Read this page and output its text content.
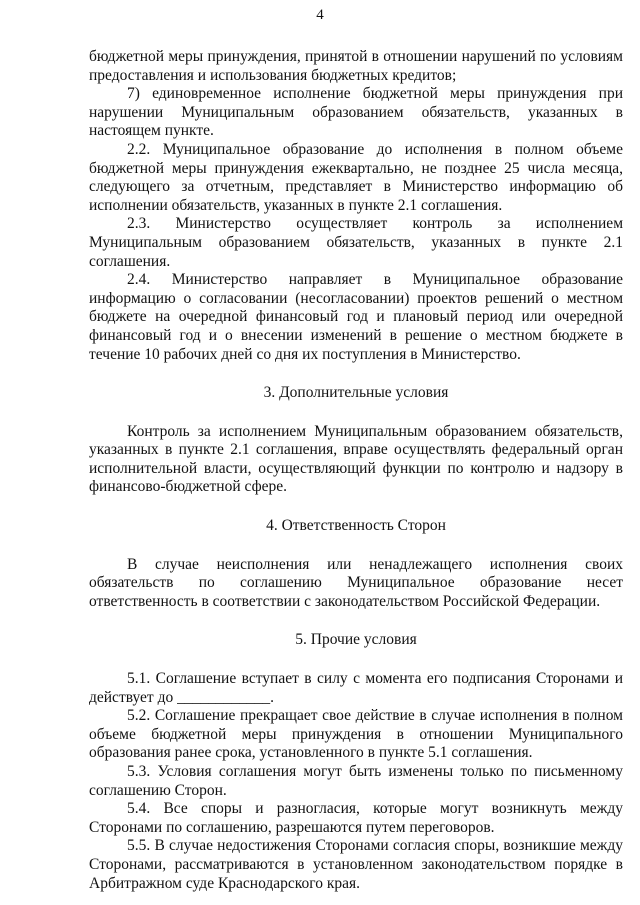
4

бюджетной меры принуждения, принятой в отношении нарушений по условиям предоставления и использования бюджетных кредитов;

7) единовременное исполнение бюджетной меры принуждения при нарушении Муниципальным образованием обязательств, указанных в настоящем пункте.

2.2. Муниципальное образование до исполнения в полном объеме бюджетной меры принуждения ежеквартально, не позднее 25 числа месяца, следующего за отчетным, представляет в Министерство информацию об исполнении обязательств, указанных в пункте 2.1 соглашения.

2.3. Министерство осуществляет контроль за исполнением Муниципальным образованием обязательств, указанных в пункте 2.1 соглашения.

2.4. Министерство направляет в Муниципальное образование информацию о согласовании (несогласовании) проектов решений о местном бюджете на очередной финансовый год и плановый период или очередной финансовый год и о внесении изменений в решение о местном бюджете в течение 10 рабочих дней со дня их поступления в Министерство.

3. Дополнительные условия

Контроль за исполнением Муниципальным образованием обязательств, указанных в пункте 2.1 соглашения, вправе осуществлять федеральный орган исполнительной власти, осуществляющий функции по контролю и надзору в финансово-бюджетной сфере.

4. Ответственность Сторон

В случае неисполнения или ненадлежащего исполнения своих обязательств по соглашению Муниципальное образование несет ответственность в соответствии с законодательством Российской Федерации.

5. Прочие условия

5.1. Соглашение вступает в силу с момента его подписания Сторонами и действует до ____________.

5.2. Соглашение прекращает свое действие в случае исполнения в полном объеме бюджетной меры принуждения в отношении Муниципального образования ранее срока, установленного в пункте 5.1 соглашения.

5.3. Условия соглашения могут быть изменены только по письменному соглашению Сторон.

5.4. Все споры и разногласия, которые могут возникнуть между Сторонами по соглашению, разрешаются путем переговоров.

5.5. В случае недостижения Сторонами согласия споры, возникшие между Сторонами, рассматриваются в установленном законодательством порядке в Арбитражном суде Краснодарского края.
